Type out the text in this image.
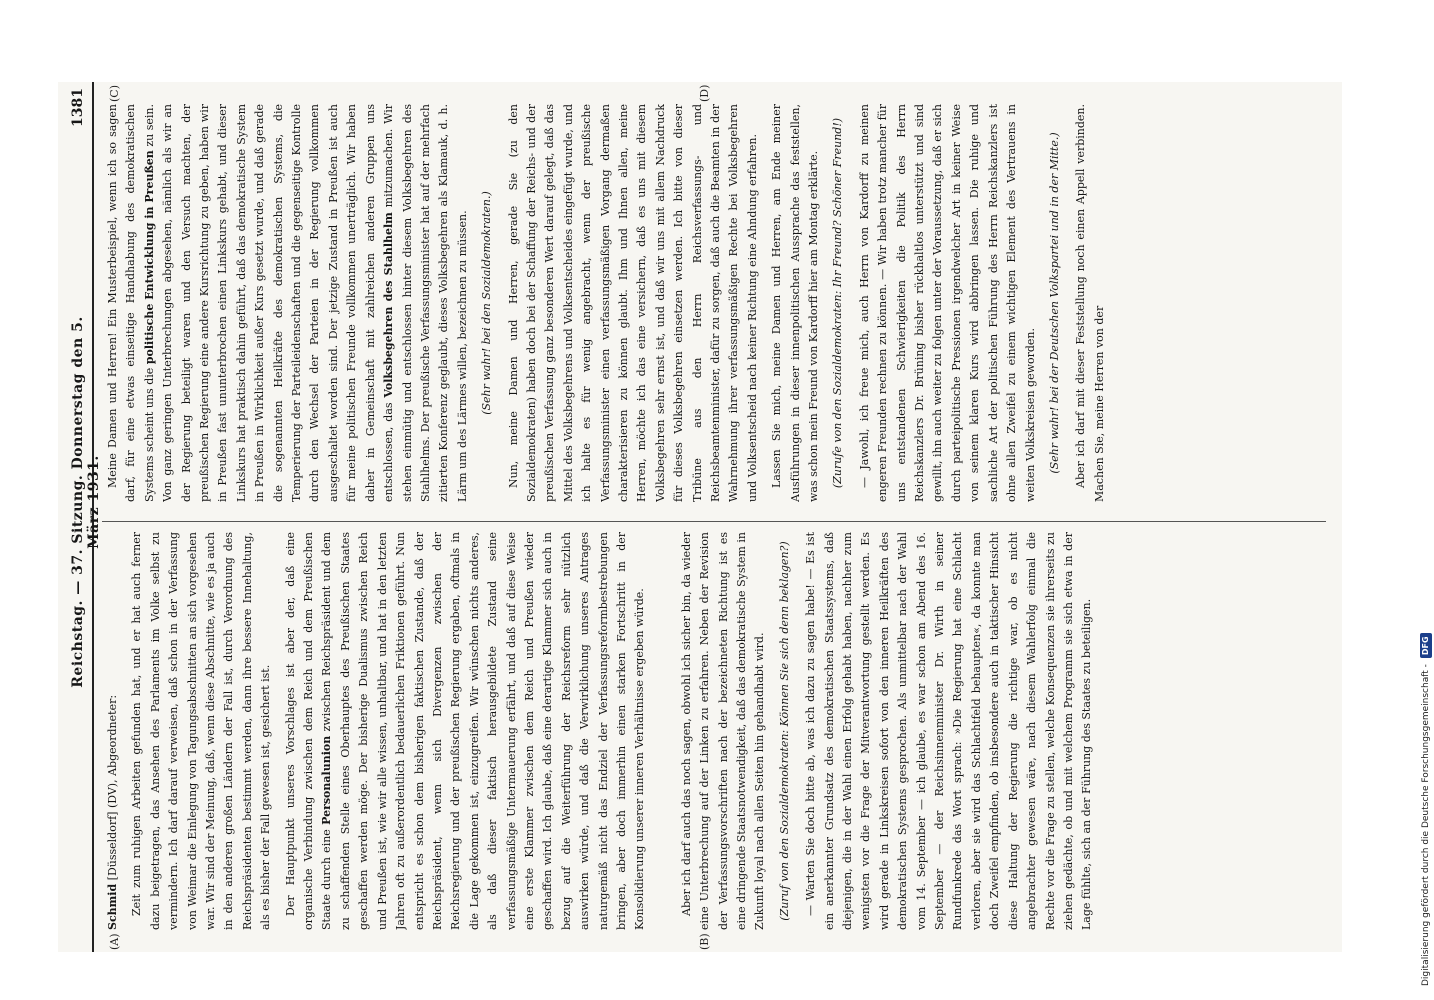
Reichstag. — 37. Sitzung. Donnerstag den 5. März 1931.
1381
(A)	(B)
(C)	(D)

Schmid [Düsseldorf] (DV), Abgeordneter:	Zeit zum ruhigen Arbeiten gefunden hat, und er hat auch ferner dazu beigetragen, das Ansehen des Parlaments im Volke selbst zu vermindern. Ich darf darauf verweisen, daß schon in der Verfassung von Weimar die Einlegung von Tagungsabschnitten an sich vorgesehen war. Wir sind der Meinung, daß, wenn diese Abschnitte, wie es ja auch in den anderen großen Ländern der Fall ist, durch Verordnung des Reichspräsidenten bestimmt werden, dann ihre bessere Innehaltung, als es bisher der Fall gewesen ist, gesichert ist.	Der Hauptpunkt unseres Vorschlages ist aber der, daß eine organische Verbindung zwischen dem Reich und dem Preußischen Staate durch eine Personalunion zwischen Reichspräsident und dem zu schaffenden Stelle eines Oberhauptes des Preußischen Staates geschaffen werden möge. Der bisherige Dualismus zwischen Reich und Preußen ist, wie wir alle wissen, unhaltbar, und hat in den letzten Jahren oft zu außerordentlich bedauerlichen Friktionen geführt. Nun entspricht es schon dem bisherigen faktischen Zustande, daß der Reichspräsident, wenn sich Divergenzen zwischen der Reichsregierung und der preußischen Regierung ergaben, oftmals in die Lage gekommen ist, einzugreifen. Wir wünschen nichts anderes, als daß dieser faktisch herausgebildete Zustand seine verfassungsmäßige Untermauerung erfährt, und daß auf diese Weise eine erste Klammer zwischen dem Reich und Preußen wieder geschaffen wird. Ich glaube, daß eine derartige Klammer sich auch in bezug auf die Weiterführung der Reichsreform sehr nützlich auswirken würde, und daß die Verwirklichung unseres Antrages naturgemäß nicht das Endziel der Verfassungsreformbestrebungen bringen, aber doch immerhin einen starken Fortschritt in der Konsolidierung unserer inneren Verhältnisse ergeben würde.	Aber ich darf auch das noch sagen, obwohl ich sicher bin, da wieder eine Unterbrechung auf der Linken zu erfahren. Neben der Revision der Verfassungsvorschriften nach der bezeichneten Richtung ist es eine dringende Staatsnotwendigkeit, daß das demokratische System in Zukunft loyal nach allen Seiten hin gehandhabt wird.	(Zuruf von den Sozialdemokraten: Können Sie sich denn beklagen?)	— Warten Sie doch bitte ab, was ich dazu zu sagen habe! — Es ist ein anerkannter Grundsatz des demokratischen Staatssystems, daß diejenigen, die in der Wahl einen Erfolg gehabt haben, nachher zum wenigsten vor die Frage der Mitverantwortung gestellt werden. Es wird gerade in Linkskreisen sofort von den inneren Heilkräften des demokratischen Systems gesprochen. Als unmittelbar nach der Wahl vom 14. September — ich glaube, es war schon am Abend des 16. September — der Reichsinnenminister Dr. Wirth in seiner Rundfunkrede das Wort sprach: »Die Regierung hat eine Schlacht verloren, aber sie wird das Schlachtfeld behaupten«, da konnte man doch Zweifel empfinden, ob insbesondere auch in taktischer Hinsicht diese Haltung der Regierung die richtige war, ob es nicht angebrachter gewesen wäre, nach diesem Wahlerfolg einmal die Rechte vor die Frage zu stellen, welche Konsequenzen sie ihrerseits zu ziehen gedächte, ob und mit welchem Programm sie sich etwa in der Lage fühlte, sich an der Führung des Staates zu beteiligen.

Meine Damen und Herren! Ein Musterbeispiel, wenn ich so sagen darf, für eine etwas einseitige Handhabung des demokratischen Systems scheint uns die politische Entwicklung in Preußen zu sein. Von ganz geringen Unterbrechungen abgesehen, nämlich als wir an der Regierung beteiligt waren und den Versuch machten, der preußischen Regierung eine andere Kursrichtung zu geben, haben wir in Preußen fast ununterbrochen einen Linkskurs gehabt, und dieser Linkskurs hat praktisch dahin geführt, daß das demokratische System in Preußen in Wirklichkeit außer Kurs gesetzt wurde, und daß gerade die sogenannten Heilkräfte des demokratischen Systems, die Temperierung der Parteileidenschaften und die gegenseitige Kontrolle durch den Wechsel der Parteien in der Regierung vollkommen ausgeschaltet worden sind. Der jetzige Zustand in Preußen ist auch für meine politischen Freunde vollkommen unerträglich. Wir haben daher in Gemeinschaft mit zahlreichen anderen Gruppen uns entschlossen, das Volksbegehren des Stahlhelm mitzumachen. Wir stehen einmütig und entschlossen hinter diesem Volksbegehren des Stahlhelms. Der preußische Verfassungsminister hat auf der mehrfach zitierten Konferenz geglaubt, dieses Volksbegehren als Klamauk, d. h. Lärm um des Lärmes willen, bezeichnen zu müssen.	(Sehr wahr! bei den Sozialdemokraten.)	Nun, meine Damen und Herren, gerade Sie (zu den Sozialdemokraten) haben doch bei der Schaffung der Reichs- und der preußischen Verfassung ganz besonderen Wert darauf gelegt, daß das Mittel des Volksbegehrens und Volksentscheides eingefügt wurde, und ich halte es für wenig angebracht, wenn der preußische Verfassungsminister einen verfassungsmäßigen Vorgang dermaßen charakterisieren zu können glaubt. Ihm und Ihnen allen, meine Herren, möchte ich das eine versichern, daß es uns mit diesem Volksbegehren sehr ernst ist, und daß wir uns mit allem Nachdruck für dieses Volksbegehren einsetzen werden. Ich bitte von dieser Tribüne aus den Herrn Reichsverfassungs- und Reichsbeamtenminister, dafür zu sorgen, daß auch die Beamten in der Wahrnehmung ihrer verfassungsmäßigen Rechte bei Volksbegehren und Volksentscheid nach keiner Richtung eine Ahndung erfahren.	Lassen Sie mich, meine Damen und Herren, am Ende meiner Ausführungen in dieser innenpolitischen Aussprache das feststellen, was schon mein Freund von Kardorff hier am Montag erklärte.	(Zurufe von den Sozialdemokraten: Ihr Freund? Schöner Freund!)	— Jawohl, ich freue mich, auch Herrn von Kardorff zu meinen engeren Freunden rechnen zu können. — Wir haben trotz mancher für uns entstandenen Schwierigkeiten die Politik des Herrn Reichskanzlers Dr. Brüning bisher rückhaltlos unterstützt und sind gewillt, ihn auch weiter zu folgen unter der Voraussetzung, daß er sich durch parteipolitische Pressionen irgendwelcher Art in keiner Weise von seinem klaren Kurs wird abbringen lassen. Die ruhige und sachliche Art der politischen Führung des Herrn Reichskanzlers ist ohne allen Zweifel zu einem wichtigen Element des Vertrauens in weiten Volkskreisen geworden.	(Sehr wahr! bei der Deutschen Volkspartei und in der Mitte.)	Aber ich darf mit dieser Feststellung noch einen Appell verbinden. Machen Sie, meine Herren von der

Digitalisierung gefördert durch die Deutsche Forschungsgemeinschaft -
DFG
